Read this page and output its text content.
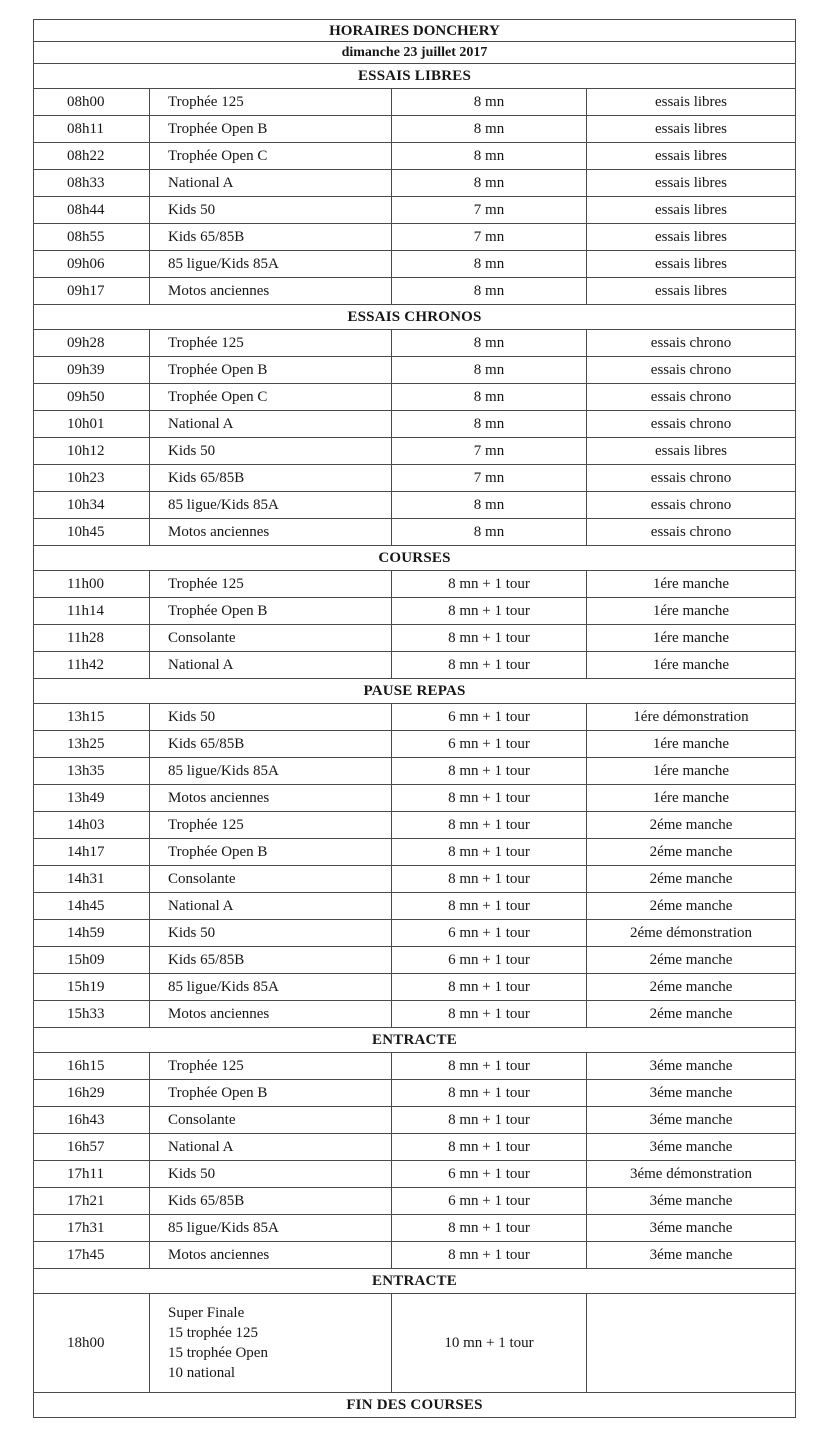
HORAIRES DONCHERY			
dimanche 23 juillet 2017			
ESSAIS LIBRES			
08h00	Trophée 125	8 mn	essais libres
08h11	Trophée Open B	8 mn	essais libres
08h22	Trophée Open C	8 mn	essais libres
08h33	National A	8 mn	essais libres
08h44	Kids 50	7 mn	essais libres
08h55	Kids 65/85B	7 mn	essais libres
09h06	85 ligue/Kids 85A	8 mn	essais libres
09h17	Motos anciennes	8 mn	essais libres
ESSAIS CHRONOS			
09h28	Trophée 125	8 mn	essais chrono
09h39	Trophée Open B	8 mn	essais chrono
09h50	Trophée Open C	8 mn	essais chrono
10h01	National A	8 mn	essais chrono
10h12	Kids 50	7 mn	essais libres
10h23	Kids 65/85B	7 mn	essais chrono
10h34	85 ligue/Kids 85A	8 mn	essais chrono
10h45	Motos anciennes	8 mn	essais chrono
COURSES			
11h00	Trophée 125	8 mn + 1 tour	1ére manche
11h14	Trophée Open B	8 mn + 1 tour	1ére manche
11h28	Consolante	8 mn + 1 tour	1ére manche
11h42	National A	8 mn + 1 tour	1ére manche
PAUSE REPAS			
13h15	Kids 50	6 mn + 1 tour	1ére démonstration
13h25	Kids 65/85B	6 mn + 1 tour	1ére manche
13h35	85 ligue/Kids 85A	8 mn + 1 tour	1ére manche
13h49	Motos anciennes	8 mn + 1 tour	1ére manche
14h03	Trophée 125	8 mn + 1 tour	2éme manche
14h17	Trophée Open B	8 mn + 1 tour	2éme manche
14h31	Consolante	8 mn + 1 tour	2éme manche
14h45	National A	8 mn + 1 tour	2éme manche
14h59	Kids 50	6 mn + 1 tour	2éme démonstration
15h09	Kids 65/85B	6 mn + 1 tour	2éme manche
15h19	85 ligue/Kids 85A	8 mn + 1 tour	2éme manche
15h33	Motos anciennes	8 mn + 1 tour	2éme manche
ENTRACTE			
16h15	Trophée 125	8 mn + 1 tour	3éme manche
16h29	Trophée Open B	8 mn + 1 tour	3éme manche
16h43	Consolante	8 mn + 1 tour	3éme manche
16h57	National A	8 mn + 1 tour	3éme manche
17h11	Kids 50	6 mn + 1 tour	3éme démonstration
17h21	Kids 65/85B	6 mn + 1 tour	3éme manche
17h31	85 ligue/Kids 85A	8 mn + 1 tour	3éme manche
17h45	Motos anciennes	8 mn + 1 tour	3éme manche
ENTRACTE			
18h00	Super Finale
15 trophée 125
15 trophée Open
10 national	10 mn + 1 tour	
FIN DES COURSES			
